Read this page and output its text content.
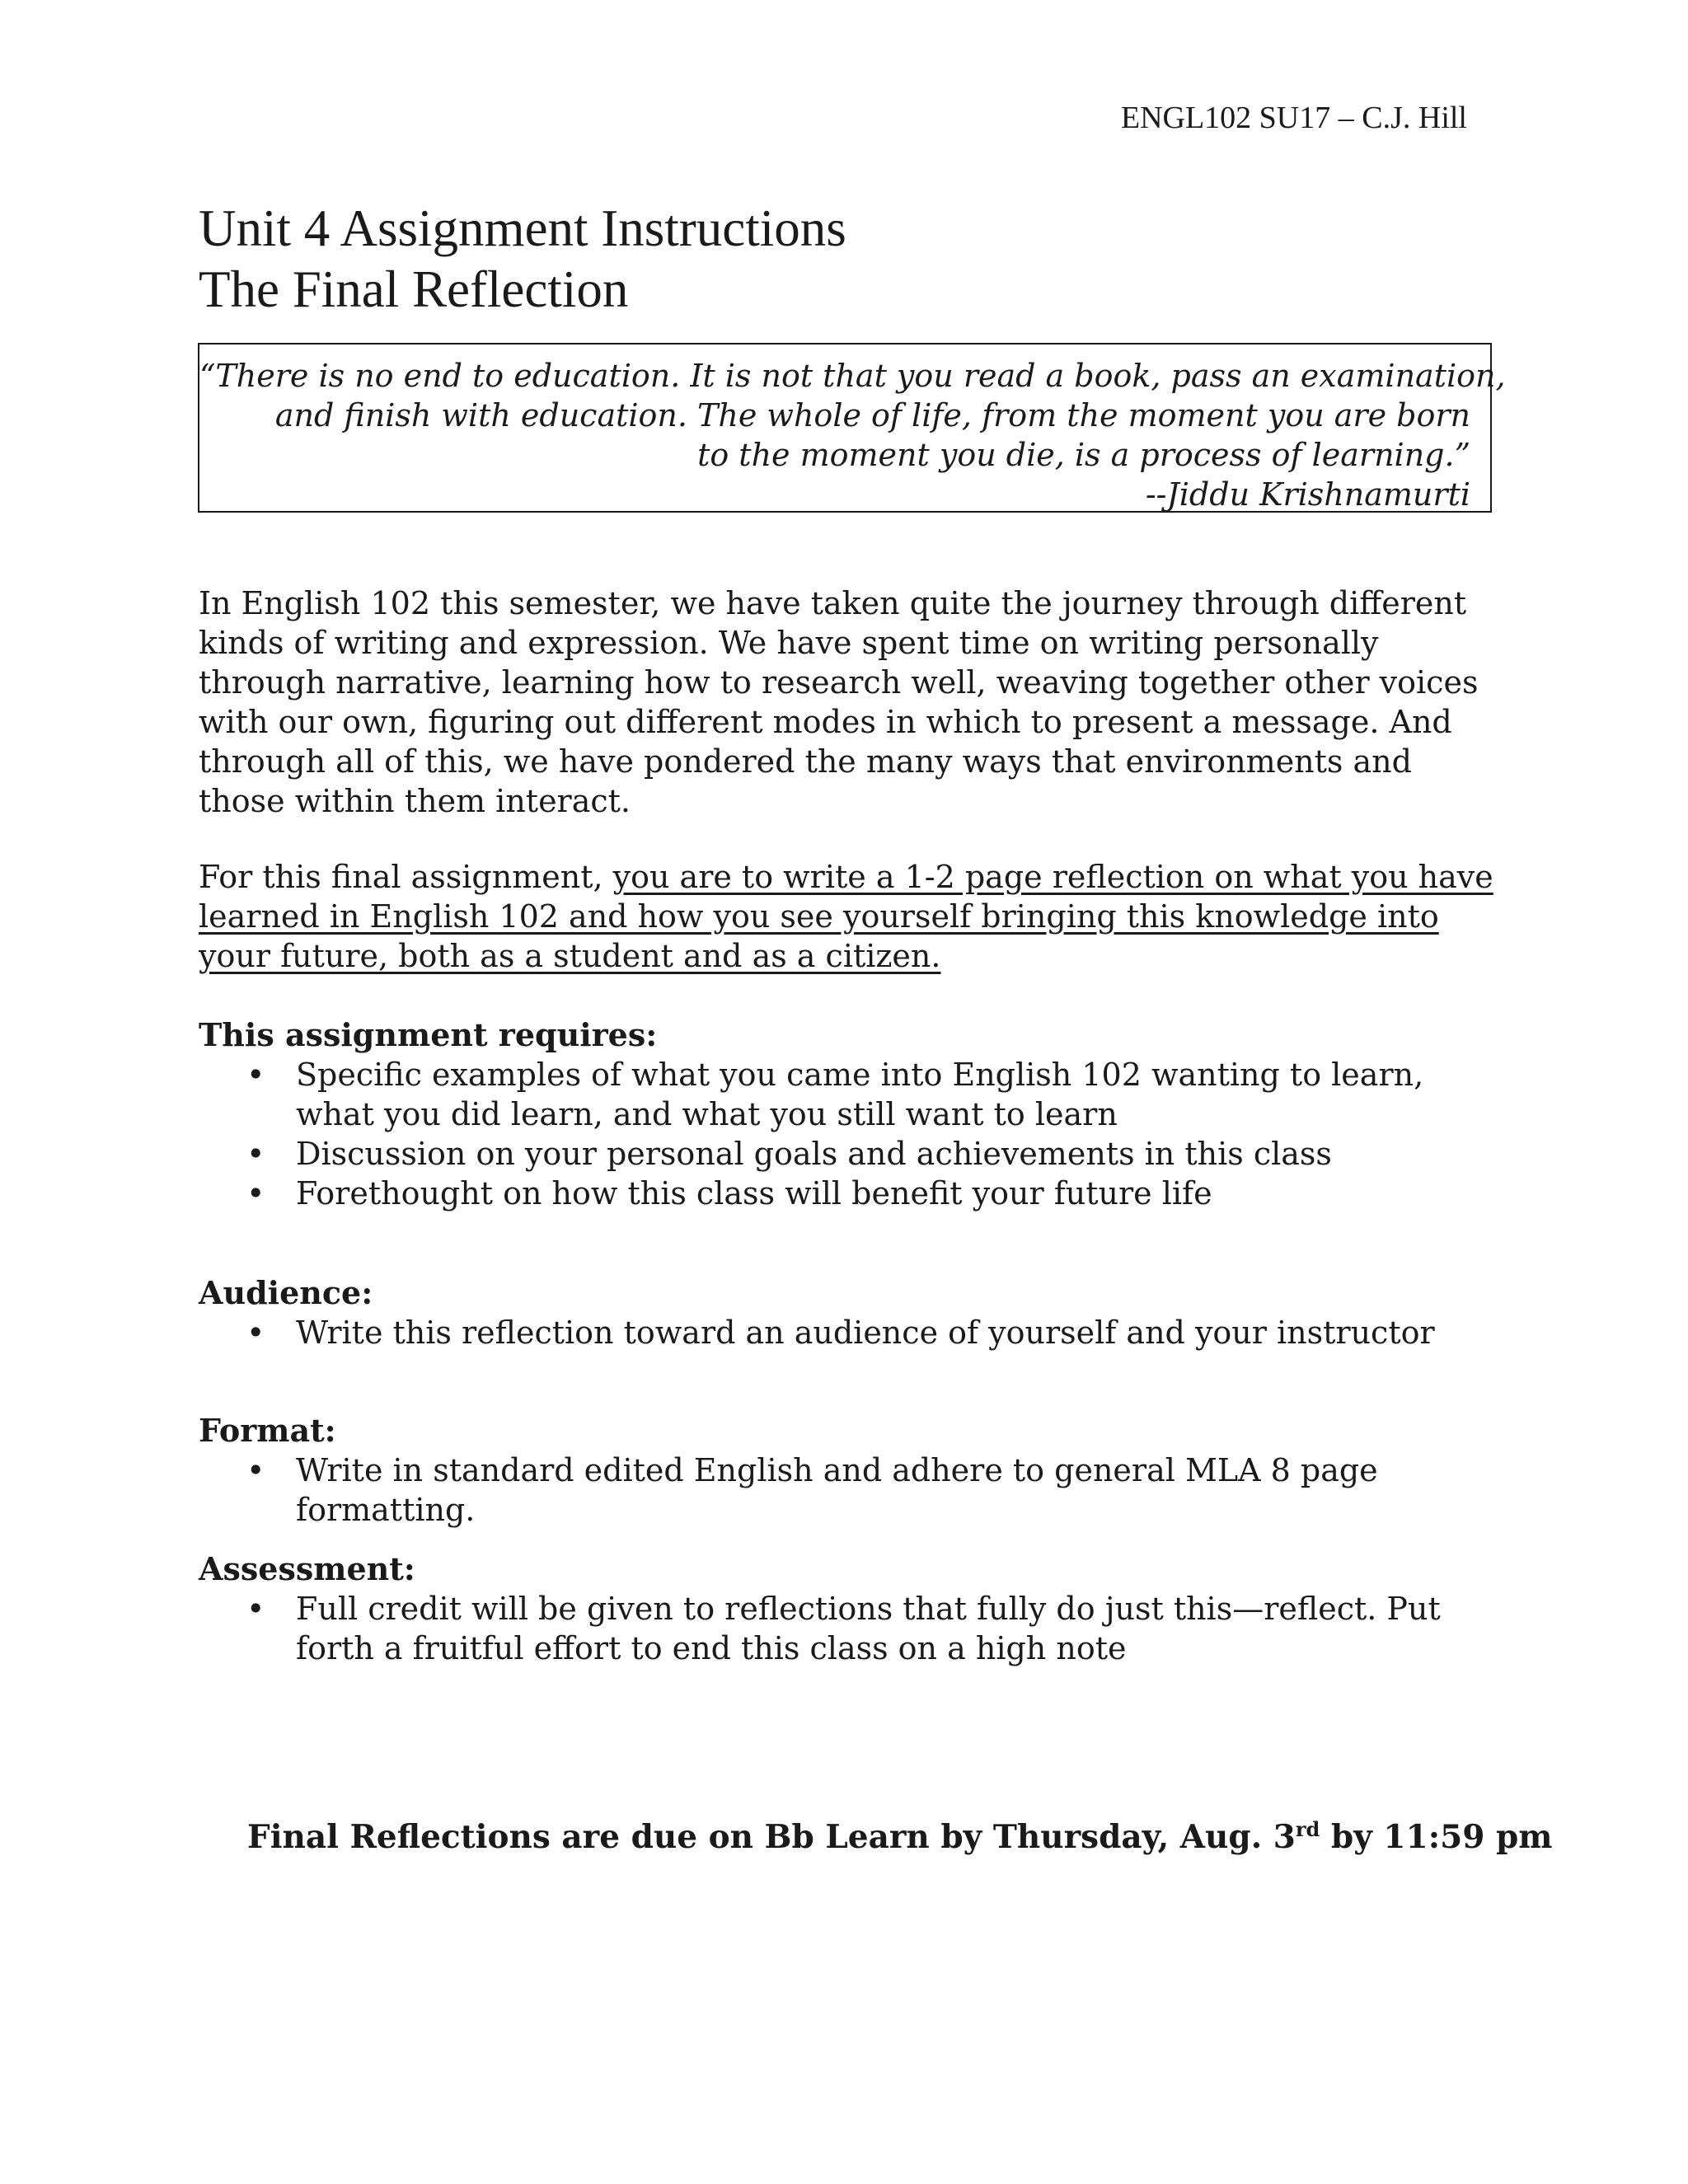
ENGL102 SU17 – C.J. Hill
Unit 4 Assignment Instructions
The Final Reflection
“There is no end to education. It is not that you read a book, pass an examination,
and finish with education. The whole of life, from the moment you are born
to the moment you die, is a process of learning.”
--Jiddu Krishnamurti

In English 102 this semester, we have taken quite the journey through different kinds of writing and expression. We have spent time on writing personally through narrative, learning how to research well, weaving together other voices with our own, figuring out different modes in which to present a message. And through all of this, we have pondered the many ways that environments and those within them interact.

For this final assignment, you are to write a 1-2 page reflection on what you have learned in English 102 and how you see yourself bringing this knowledge into your future, both as a student and as a citizen.

This assignment requires:
• Specific examples of what you came into English 102 wanting to learn, what you did learn, and what you still want to learn
• Discussion on your personal goals and achievements in this class
• Forethought on how this class will benefit your future life
Audience:
• Write this reflection toward an audience of yourself and your instructor
Format:
• Write in standard edited English and adhere to general MLA 8 page formatting.
Assessment:
• Full credit will be given to reflections that fully do just this—reflect. Put forth a fruitful effort to end this class on a high note
Final Reflections are due on Bb Learn by Thursday, Aug. 3rd by 11:59 pm
